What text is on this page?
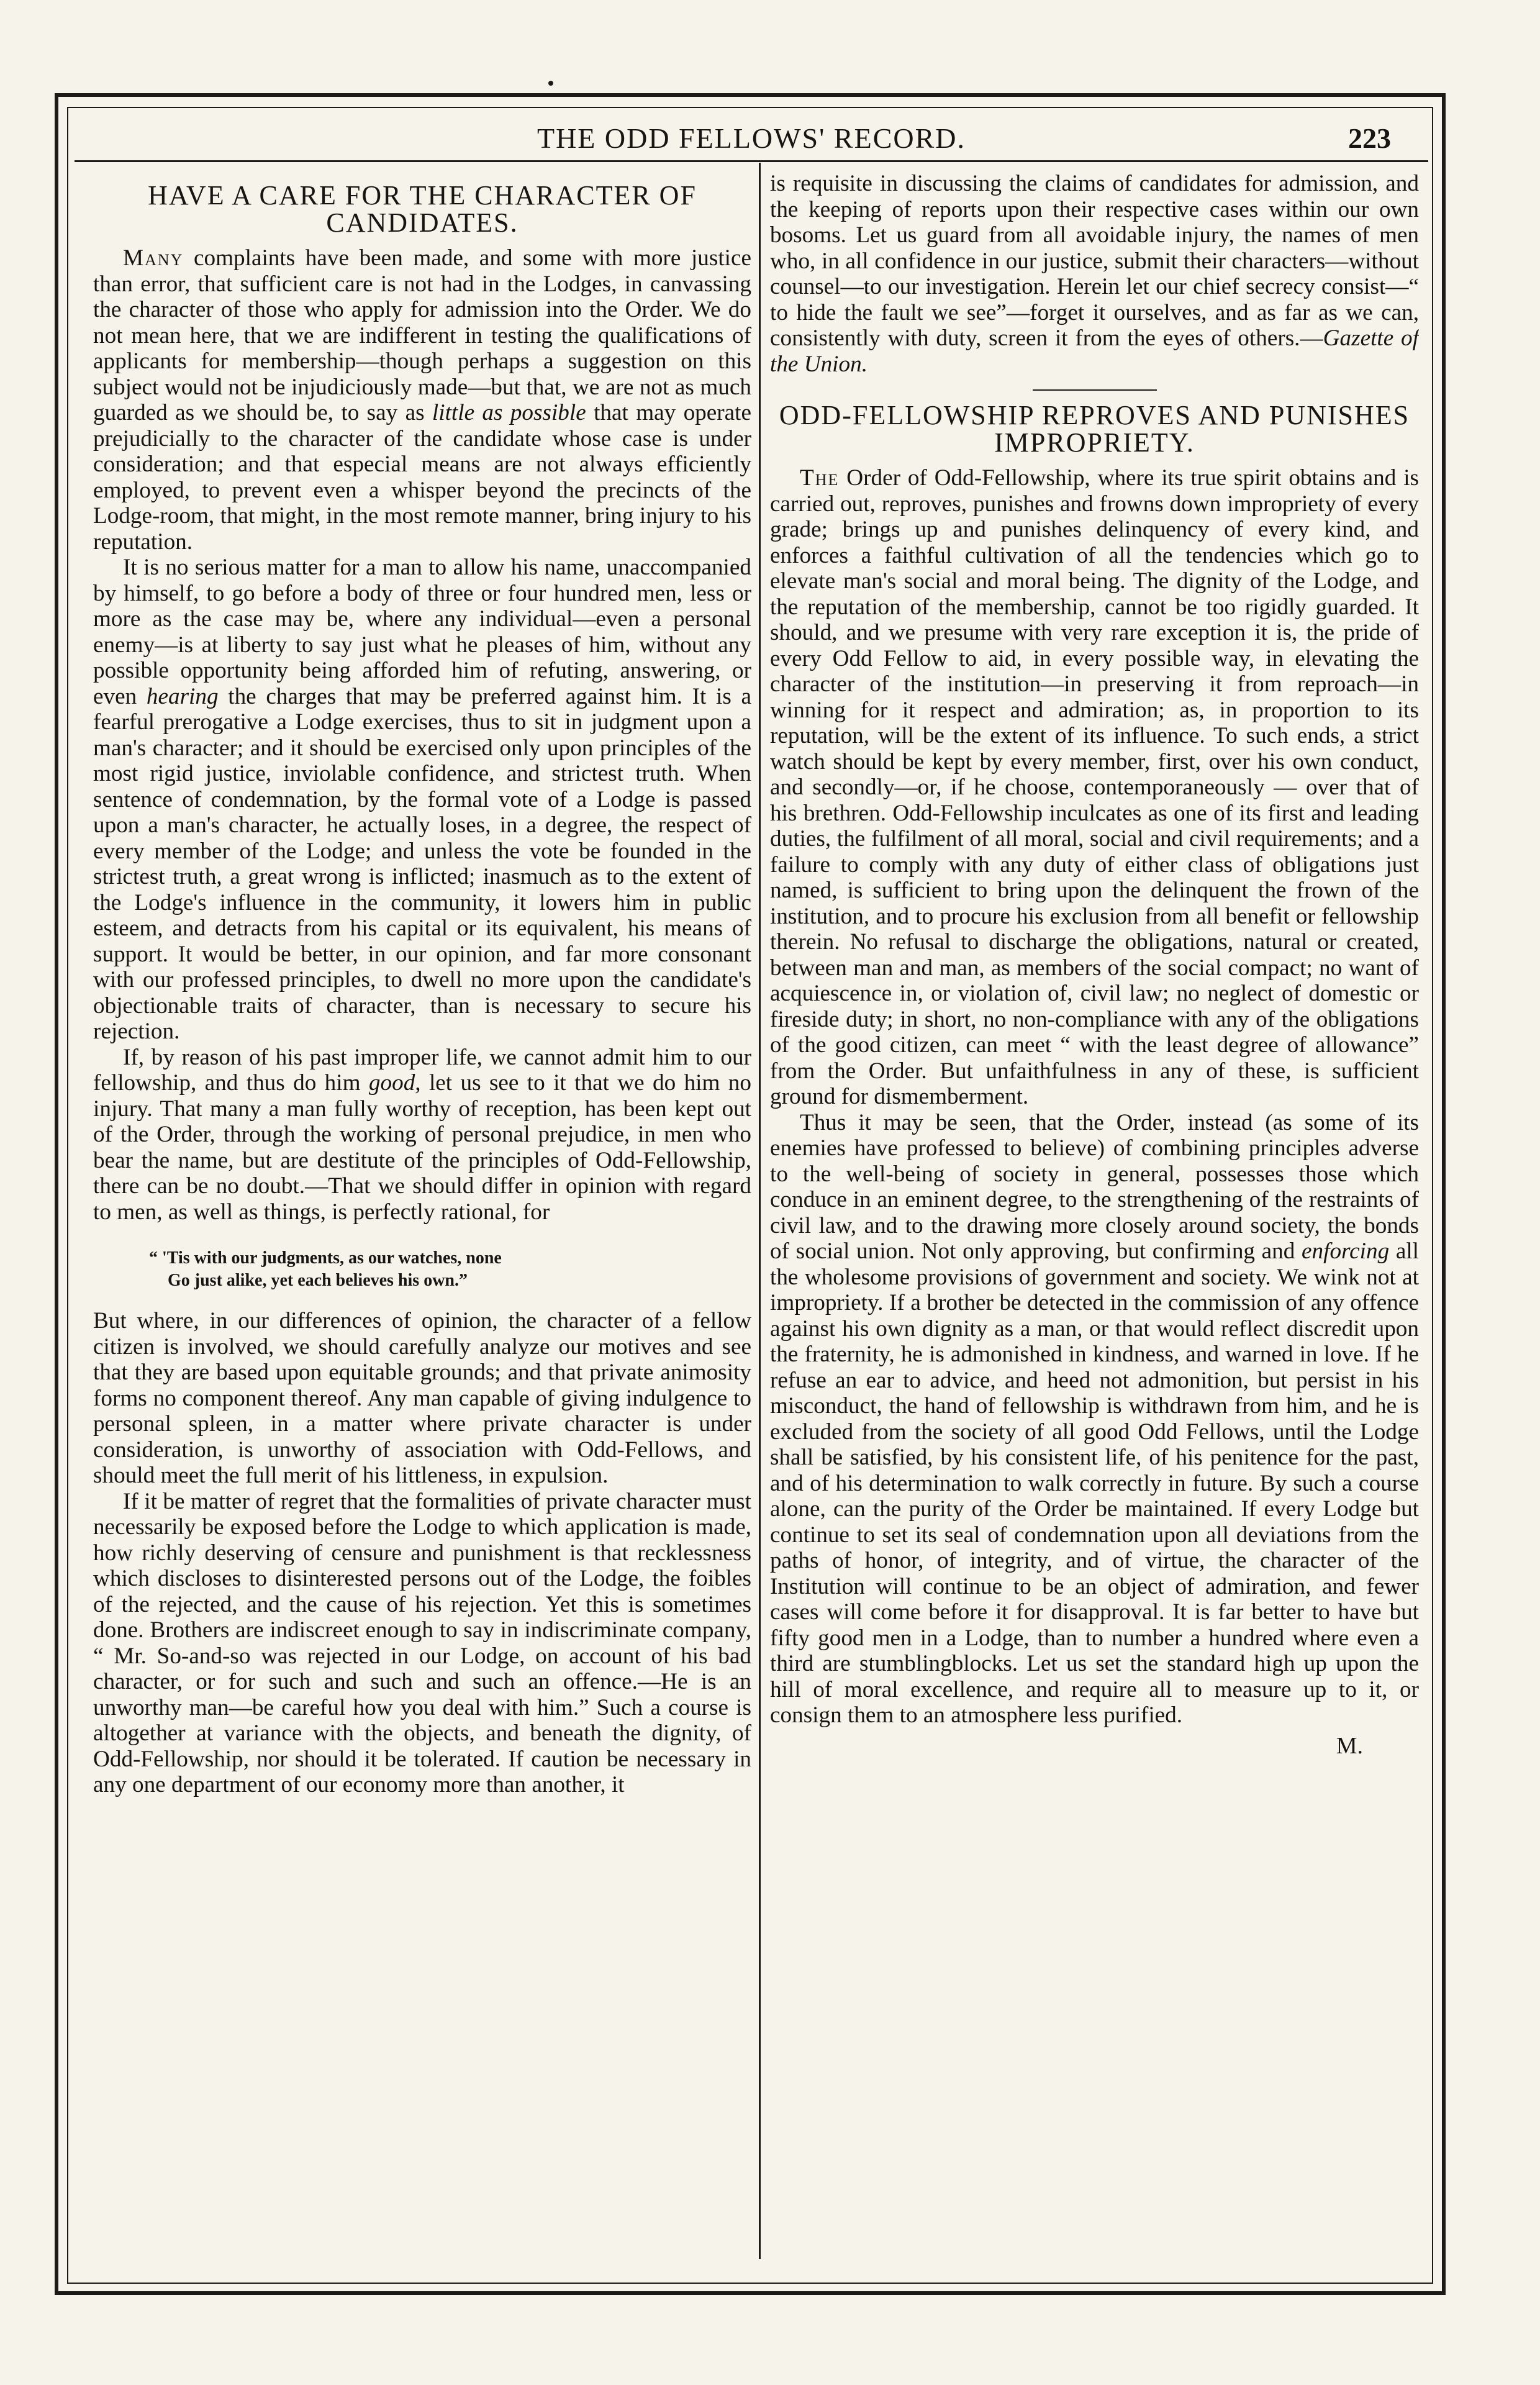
THE ODD FELLOWS' RECORD.	223
HAVE A CARE FOR THE CHARACTER OF CANDIDATES.

Many complaints have been made, and some with more justice than error, that sufficient care is not had in the Lodges, in canvassing the character of those who apply for admission into the Order. We do not mean here, that we are indifferent in testing the qualifications of applicants for membership—though perhaps a suggestion on this subject would not be injudiciously made—but that, we are not as much guarded as we should be, to say as little as possible that may operate prejudicially to the character of the candidate whose case is under consideration; and that especial means are not always efficiently employed, to prevent even a whisper beyond the precincts of the Lodge-room, that might, in the most remote manner, bring injury to his reputation.

It is no serious matter for a man to allow his name, unaccompanied by himself, to go before a body of three or four hundred men, less or more as the case may be, where any individual—even a personal enemy—is at liberty to say just what he pleases of him, without any possible opportunity being afforded him of refuting, answering, or even hearing the charges that may be preferred against him. It is a fearful prerogative a Lodge exercises, thus to sit in judgment upon a man's character; and it should be exercised only upon principles of the most rigid justice, inviolable confidence, and strictest truth. When sentence of condemnation, by the formal vote of a Lodge is passed upon a man's character, he actually loses, in a degree, the respect of every member of the Lodge; and unless the vote be founded in the strictest truth, a great wrong is inflicted; inasmuch as to the extent of the Lodge's influence in the community, it lowers him in public esteem, and detracts from his capital or its equivalent, his means of support. It would be better, in our opinion, and far more consonant with our professed principles, to dwell no more upon the candidate's objectionable traits of character, than is necessary to secure his rejection.

If, by reason of his past improper life, we cannot admit him to our fellowship, and thus do him good, let us see to it that we do him no injury. That many a man fully worthy of reception, has been kept out of the Order, through the working of personal prejudice, in men who bear the name, but are destitute of the principles of Odd-Fellowship, there can be no doubt.—That we should differ in opinion with regard to men, as well as things, is perfectly rational, for

“ 'Tis with our judgments, as our watches, none
Go just alike, yet each believes his own.”

But where, in our differences of opinion, the character of a fellow citizen is involved, we should carefully analyze our motives and see that they are based upon equitable grounds; and that private animosity forms no component thereof. Any man capable of giving indulgence to personal spleen, in a matter where private character is under consideration, is unworthy of association with Odd-Fellows, and should meet the full merit of his littleness, in expulsion.

If it be matter of regret that the formalities of private character must necessarily be exposed before the Lodge to which application is made, how richly deserving of censure and punishment is that recklessness which discloses to disinterested persons out of the Lodge, the foibles of the rejected, and the cause of his rejection. Yet this is sometimes done. Brothers are indiscreet enough to say in indiscriminate company, “ Mr. So-and-so was rejected in our Lodge, on account of his bad character, or for such and such and such an offence.—He is an unworthy man—be careful how you deal with him.” Such a course is altogether at variance with the objects, and beneath the dignity, of Odd-Fellowship, nor should it be tolerated. If caution be necessary in any one department of our economy more than another, it

is requisite in discussing the claims of candidates for admission, and the keeping of reports upon their respective cases within our own bosoms. Let us guard from all avoidable injury, the names of men who, in all confidence in our justice, submit their characters—without counsel—to our investigation. Herein let our chief secrecy consist—“ to hide the fault we see”—forget it ourselves, and as far as we can, consistently with duty, screen it from the eyes of others.—Gazette of the Union.

ODD-FELLOWSHIP REPROVES AND PUNISHES IMPROPRIETY.

The Order of Odd-Fellowship, where its true spirit obtains and is carried out, reproves, punishes and frowns down impropriety of every grade; brings up and punishes delinquency of every kind, and enforces a faithful cultivation of all the tendencies which go to elevate man's social and moral being. The dignity of the Lodge, and the reputation of the membership, cannot be too rigidly guarded. It should, and we presume with very rare exception it is, the pride of every Odd Fellow to aid, in every possible way, in elevating the character of the institution—in preserving it from reproach—in winning for it respect and admiration; as, in proportion to its reputation, will be the extent of its influence. To such ends, a strict watch should be kept by every member, first, over his own conduct, and secondly—or, if he choose, contemporaneously — over that of his brethren. Odd-Fellowship inculcates as one of its first and leading duties, the fulfilment of all moral, social and civil requirements; and a failure to comply with any duty of either class of obligations just named, is sufficient to bring upon the delinquent the frown of the institution, and to procure his exclusion from all benefit or fellowship therein. No refusal to discharge the obligations, natural or created, between man and man, as members of the social compact; no want of acquiescence in, or violation of, civil law; no neglect of domestic or fireside duty; in short, no non-compliance with any of the obligations of the good citizen, can meet “ with the least degree of allowance” from the Order. But unfaithfulness in any of these, is sufficient ground for dismemberment.

Thus it may be seen, that the Order, instead (as some of its enemies have professed to believe) of combining principles adverse to the well-being of society in general, possesses those which conduce in an eminent degree, to the strengthening of the restraints of civil law, and to the drawing more closely around society, the bonds of social union. Not only approving, but confirming and enforcing all the wholesome provisions of government and society. We wink not at impropriety. If a brother be detected in the commission of any offence against his own dignity as a man, or that would reflect discredit upon the fraternity, he is admonished in kindness, and warned in love. If he refuse an ear to advice, and heed not admonition, but persist in his misconduct, the hand of fellowship is withdrawn from him, and he is excluded from the society of all good Odd Fellows, until the Lodge shall be satisfied, by his consistent life, of his penitence for the past, and of his determination to walk correctly in future. By such a course alone, can the purity of the Order be maintained. If every Lodge but continue to set its seal of condemnation upon all deviations from the paths of honor, of integrity, and of virtue, the character of the Institution will continue to be an object of admiration, and fewer cases will come before it for disapproval. It is far better to have but fifty good men in a Lodge, than to number a hundred where even a third are stumblingblocks. Let us set the standard high up upon the hill of moral excellence, and require all to measure up to it, or consign them to an atmosphere less purified.

M.
